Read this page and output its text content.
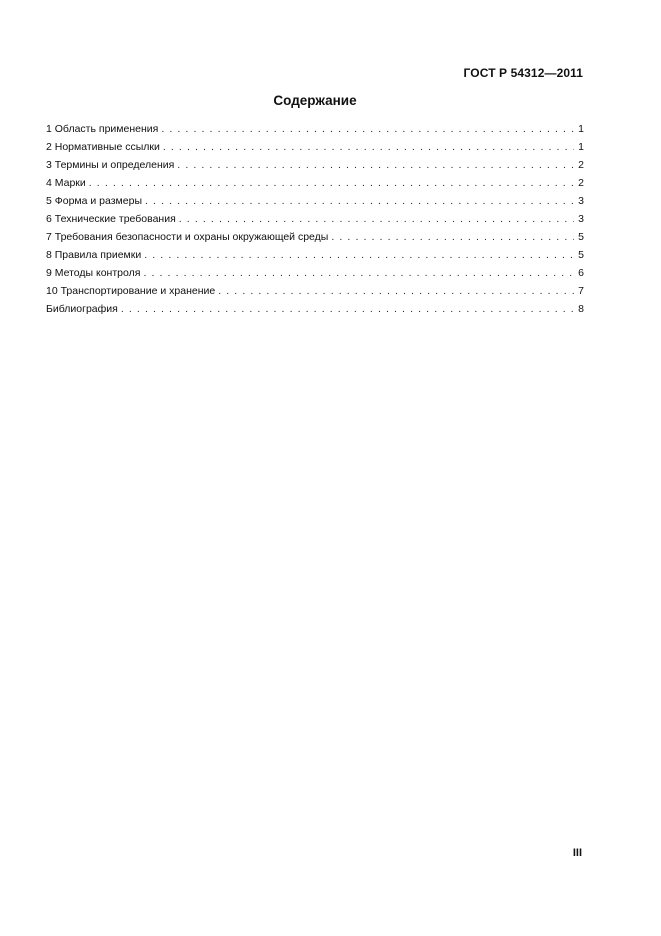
ГОСТ Р 54312—2011
Содержание
1 Область применения . . .	1
2 Нормативные ссылки . . .	1
3 Термины и определения . . .	2
4 Марки . . .	2
5 Форма и размеры . . .	3
6 Технические требования . . .	3
7 Требования безопасности и охраны окружающей среды . . .	5
8 Правила приемки . . .	5
9 Методы контроля . . .	6
10 Транспортирование и хранение . . .	7
Библиография . . .	8
III
